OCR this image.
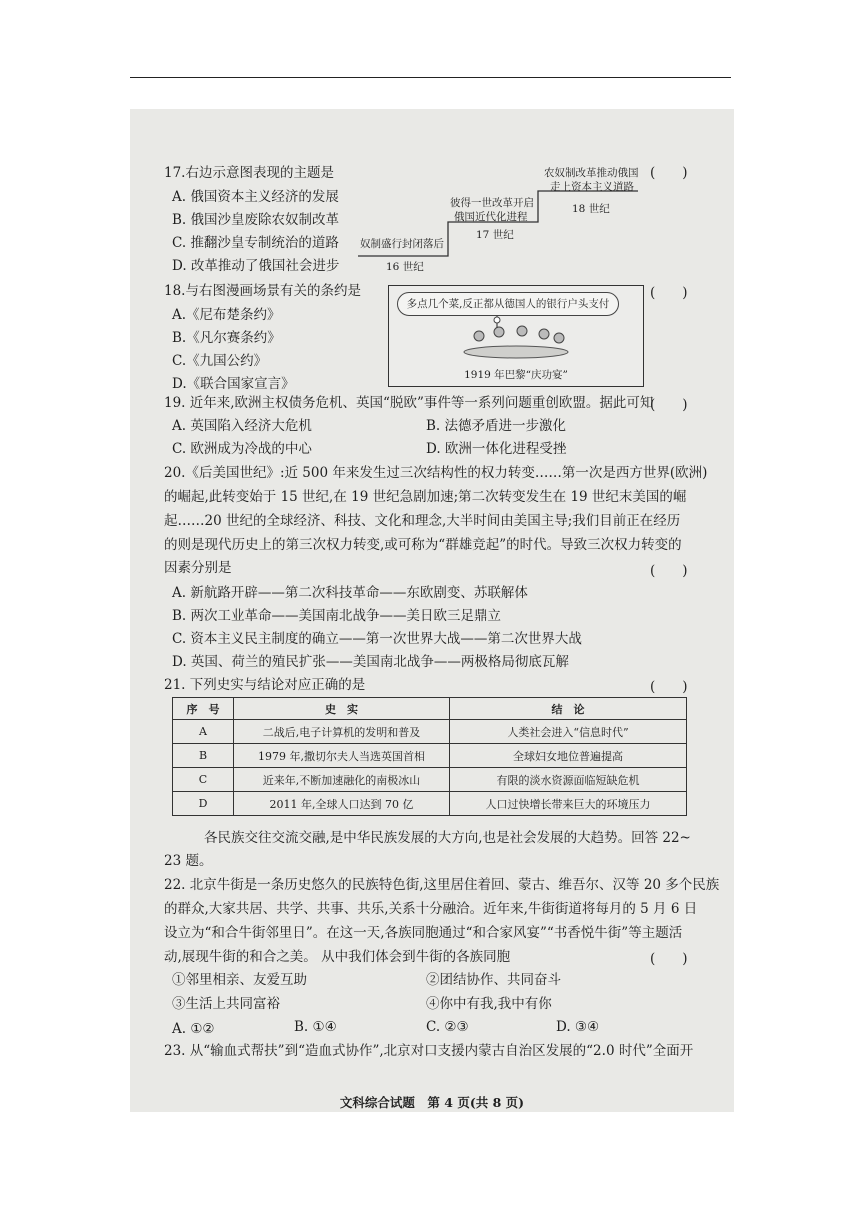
17.右边示意图表现的主题是	(　　)
A. 俄国资本主义经济的发展
B. 俄国沙皇废除农奴制改革
C. 推翻沙皇专制统治的道路
D. 改革推动了俄国社会进步
奴制盛行封闭落后
16 世纪
彼得一世改革开启
俄国近代化进程
17 世纪
农奴制改革推动俄国
走上资本主义道路
18 世纪
18.与右图漫画场景有关的条约是	(　　)
A.《尼布楚条约》
B.《凡尔赛条约》
C.《九国公约》
D.《联合国家宣言》
多点几个菜,反正都从德国人的银行户头支付
1919 年巴黎“庆功宴”
19. 近年来,欧洲主权债务危机、英国“脱欧”事件等一系列问题重创欧盟。据此可知
(　　)
A. 英国陷入经济大危机	B. 法德矛盾进一步激化
C. 欧洲成为冷战的中心	D. 欧洲一体化进程受挫
20.《后美国世纪》:近 500 年来发生过三次结构性的权力转变……第一次是西方世界(欧洲)
的崛起,此转变始于 15 世纪,在 19 世纪急剧加速;第二次转变发生在 19 世纪末美国的崛
起……20 世纪的全球经济、科技、文化和理念,大半时间由美国主导;我们目前正在经历
的则是现代历史上的第三次权力转变,或可称为“群雄竞起”的时代。导致三次权力转变的
因素分别是	(　　)
A. 新航路开辟——第二次科技革命——东欧剧变、苏联解体
B. 两次工业革命——美国南北战争——美日欧三足鼎立
C. 资本主义民主制度的确立——第一次世界大战——第二次世界大战
D. 英国、荷兰的殖民扩张——美国南北战争——两极格局彻底瓦解
21. 下列史实与结论对应正确的是	(　　)
序　号	史　实	结　论
A	二战后,电子计算机的发明和普及	人类社会进入“信息时代”
B	1979 年,撒切尔夫人当选英国首相	全球妇女地位普遍提高
C	近来年,不断加速融化的南极冰山	有限的淡水资源面临短缺危机
D	2011 年,全球人口达到 70 亿	人口过快增长带来巨大的环境压力
各民族交往交流交融,是中华民族发展的大方向,也是社会发展的大趋势。回答 22~
23 题。
22. 北京牛街是一条历史悠久的民族特色街,这里居住着回、蒙古、维吾尔、汉等 20 多个民族
的群众,大家共居、共学、共事、共乐,关系十分融洽。近年来,牛街街道将每月的 5 月 6 日
设立为“和合牛街邻里日”。在这一天,各族同胞通过“和合家风宴”“书香悦牛街”等主题活
动,展现牛街的和合之美。 从中我们体会到牛街的各族同胞	(　　)
①邻里相亲、友爱互助	②团结协作、共同奋斗
③生活上共同富裕	④你中有我,我中有你
A. ①②	B. ①④	C. ②③	D. ③④
23. 从“输血式帮扶”到“造血式协作”,北京对口支援内蒙古自治区发展的“2.0 时代”全面开
文科综合试题　第 4 页(共 8 页)
